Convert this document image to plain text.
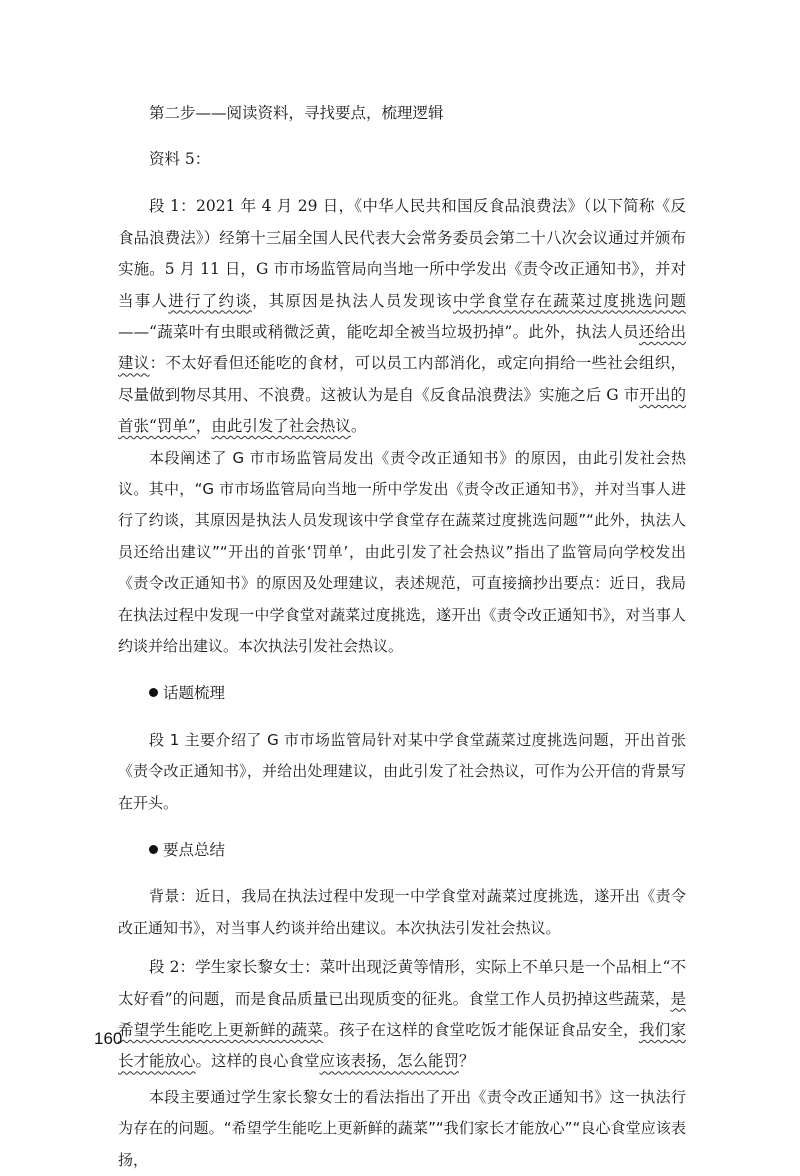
第二步——阅读资料，寻找要点，梳理逻辑

资料 5：

段 1：2021 年 4 月 29 日，《中华人民共和国反食品浪费法》（以下简称《反食品浪费法》）经第十三届全国人民代表大会常务委员会第二十八次会议通过并颁布实施。5 月 11 日，G 市市场监管局向当地一所中学发出《责令改正通知书》，并对当事人进行了约谈，其原因是执法人员发现该中学食堂存在蔬菜过度挑选问题——“蔬菜叶有虫眼或稍微泛黄，能吃却全被当垃圾扔掉”。此外，执法人员还给出建议：不太好看但还能吃的食材，可以员工内部消化，或定向捐给一些社会组织，尽量做到物尽其用、不浪费。这被认为是自《反食品浪费法》实施之后 G 市开出的首张“罚单”，由此引发了社会热议。

本段阐述了 G 市市场监管局发出《责令改正通知书》的原因，由此引发社会热议。其中，“G 市市场监管局向当地一所中学发出《责令改正通知书》，并对当事人进行了约谈，其原因是执法人员发现该中学食堂存在蔬菜过度挑选问题”“此外，执法人员还给出建议”“开出的首张‘罚单’，由此引发了社会热议”指出了监管局向学校发出《责令改正通知书》的原因及处理建议，表述规范，可直接摘抄出要点：近日，我局在执法过程中发现一中学食堂对蔬菜过度挑选，遂开出《责令改正通知书》，对当事人约谈并给出建议。本次执法引发社会热议。

话题梳理

段 1 主要介绍了 G 市市场监管局针对某中学食堂蔬菜过度挑选问题，开出首张《责令改正通知书》，并给出处理建议，由此引发了社会热议，可作为公开信的背景写在开头。

要点总结

背景：近日，我局在执法过程中发现一中学食堂对蔬菜过度挑选，遂开出《责令改正通知书》，对当事人约谈并给出建议。本次执法引发社会热议。

段 2：学生家长黎女士：菜叶出现泛黄等情形，实际上不单只是一个品相上“不太好看”的问题，而是食品质量已出现质变的征兆。食堂工作人员扔掉这些蔬菜，是希望学生能吃上更新鲜的蔬菜。孩子在这样的食堂吃饭才能保证食品安全，我们家长才能放心。这样的良心食堂应该表扬，怎么能罚？

本段主要通过学生家长黎女士的看法指出了开出《责令改正通知书》这一执法行为存在的问题。“希望学生能吃上更新鲜的蔬菜”“我们家长才能放心”“良心食堂应该表扬，

160
